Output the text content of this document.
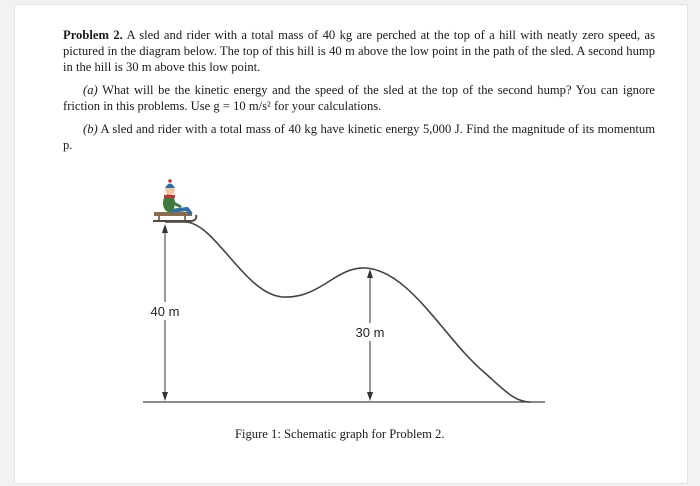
Problem 2. A sled and rider with a total mass of 40 kg are perched at the top of a hill with neatly zero speed, as pictured in the diagram below. The top of this hill is 40 m above the low point in the path of the sled. A second hump in the hill is 30 m above this low point.

(a) What will be the kinetic energy and the speed of the sled at the top of the second hump? You can ignore friction in this problems. Use g = 10 m/s² for your calculations.

(b) A sled and rider with a total mass of 40 kg have kinetic energy 5,000 J. Find the magnitude of its momentum p.

40 m
30 m
Figure 1: Schematic graph for Problem 2.
